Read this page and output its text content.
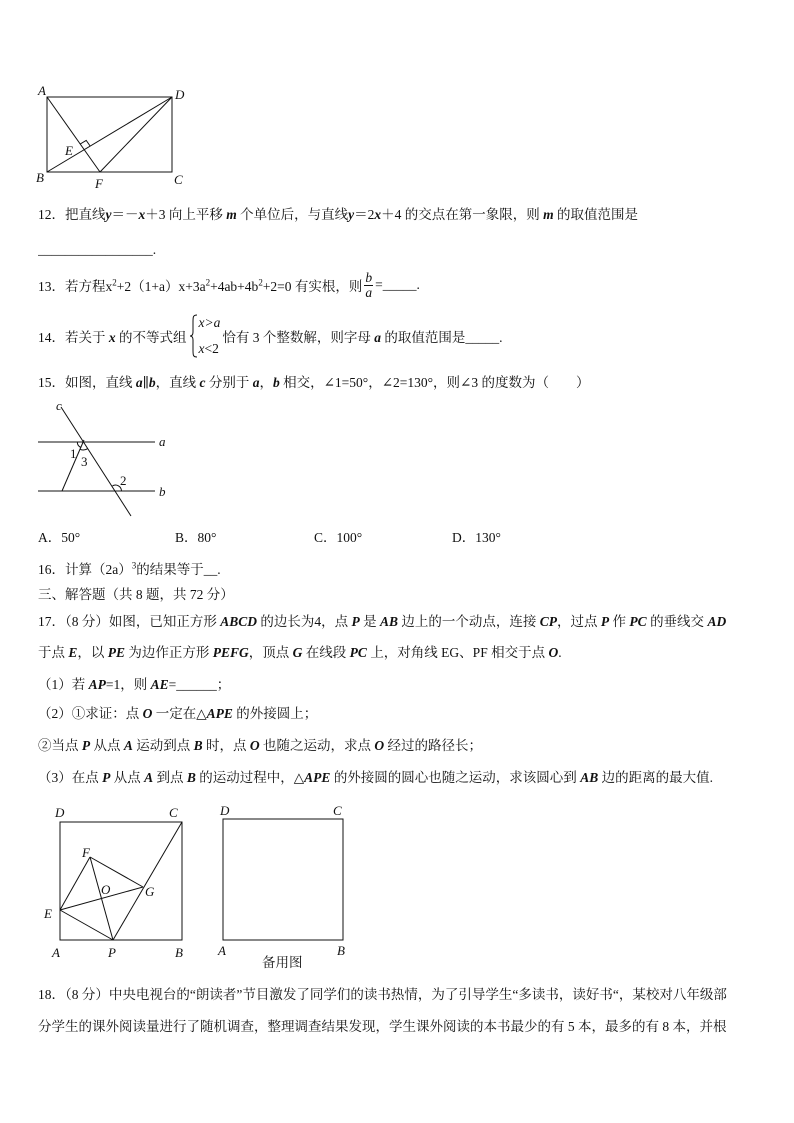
A	D
E
B	F	C
12．把直线y＝－x＋3 向上平移 m 个单位后，与直线y＝2x＋4 的交点在第一象限，则 m 的取值范围是
_________________.
13．若方程$x^2+2(1+a)x+3a^2+4ab+4b^2+2=0$ 有实根，则 $\frac{b}{a}$ =_____.
14．若关于 x 的不等式组
x>a
x<2
恰有 3 个整数解，则字母 a 的取值范围是_____.
15．如图，直线 a∥b，直线 c 分别于 a，b 相交，∠1=50°，∠2=130°，则∠3 的度数为（　　）
c
a
b
1
3
2
A．50°	B．80°	C．100°	D．130°
16．计算$(2a)^3$的结果等于__.
三、解答题（共 8 题，共 72 分）
17．（8 分）如图，已知正方形 ABCD 的边长为4，点 P 是 AB 边上的一个动点，连接 CP，过点 P 作 PC 的垂线交 AD
于点 E，以 PE 为边作正方形 PEFG，顶点 G 在线段 PC 上，对角线 EG、PF 相交于点 O.
（1）若 AP=1，则 AE=______；
（2）①求证：点 O 一定在△APE 的外接圆上；
②当点 P 从点 A 运动到点 B 时，点 O 也随之运动，求点 O 经过的路径长；
（3）在点 P 从点 A 到点 B 的运动过程中，△APE 的外接圆的圆心也随之运动，求该圆心到 AB 边的距离的最大值.
D	C
A	B
E
P
F
G
O
D	C
A	B
备用图
18．（8 分）中央电视台的“朗读者”节目激发了同学们的读书热情，为了引导学生“多读书，读好书“，某校对八年级部
分学生的课外阅读量进行了随机调查，整理调查结果发现，学生课外阅读的本书最少的有 5 本，最多的有 8 本，并根
